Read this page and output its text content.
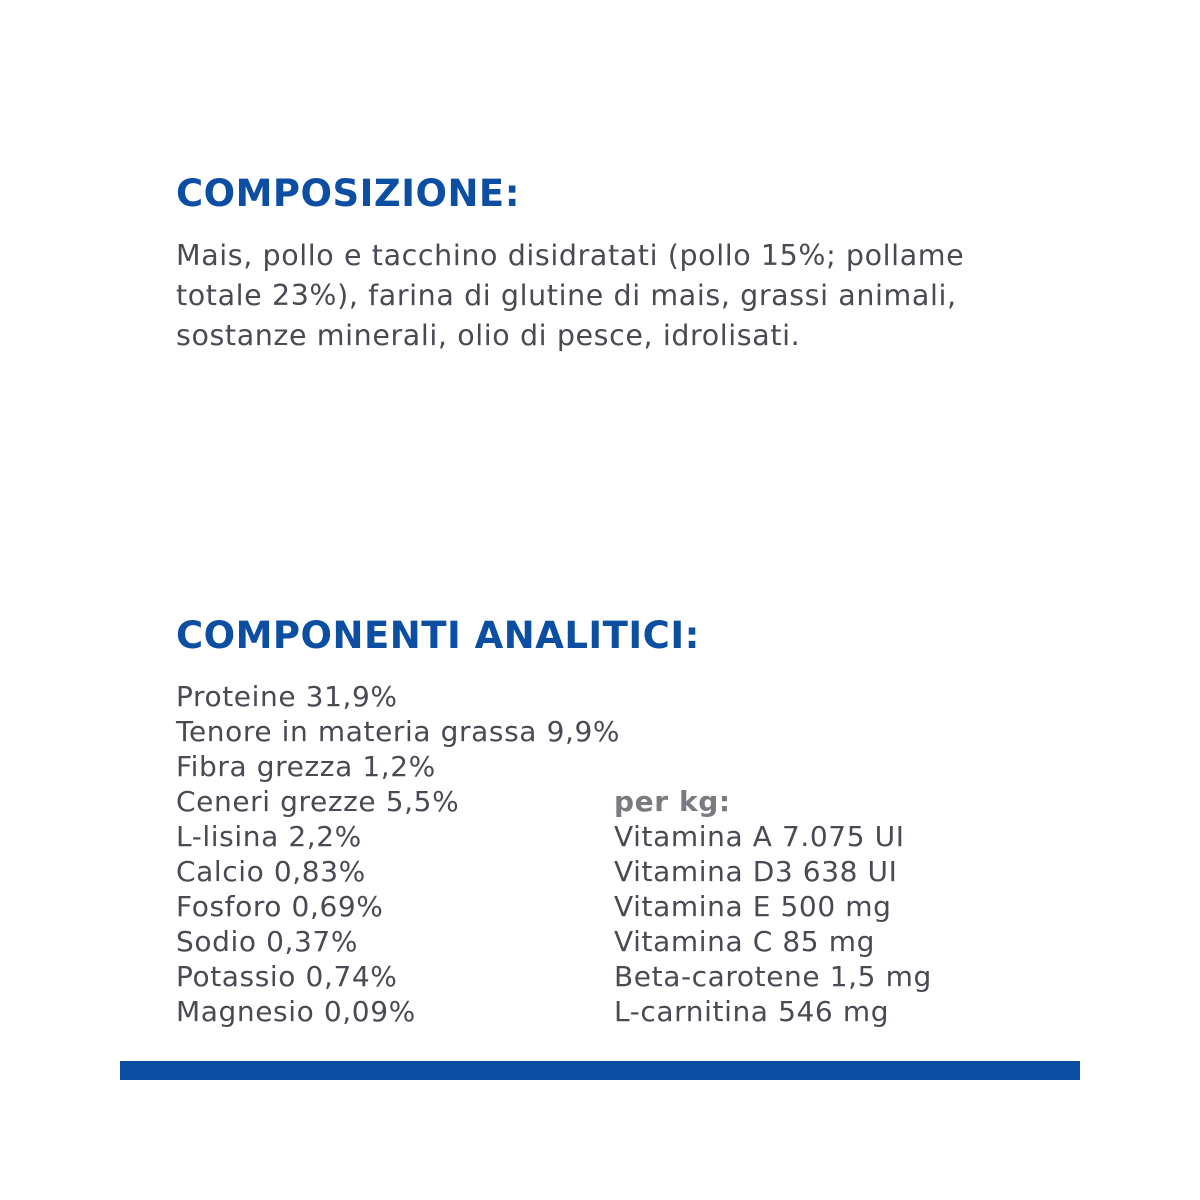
COMPOSIZIONE:

Mais, pollo e tacchino disidratati (pollo 15%; pollame totale 23%), farina di glutine di mais, grassi animali, sostanze minerali, olio di pesce, idrolisati.

COMPONENTI ANALITICI:
Proteine 31,9%
Tenore in materia grassa 9,9%
Fibra grezza 1,2%
Ceneri grezze 5,5%
L-lisina 2,2%
Calcio 0,83%
Fosforo 0,69%
Sodio 0,37%
Potassio 0,74%
Magnesio 0,09%
per kg:
Vitamina A 7.075 UI
Vitamina D3 638 UI
Vitamina E 500 mg
Vitamina C 85 mg
Beta-carotene 1,5 mg
L-carnitina 546 mg
